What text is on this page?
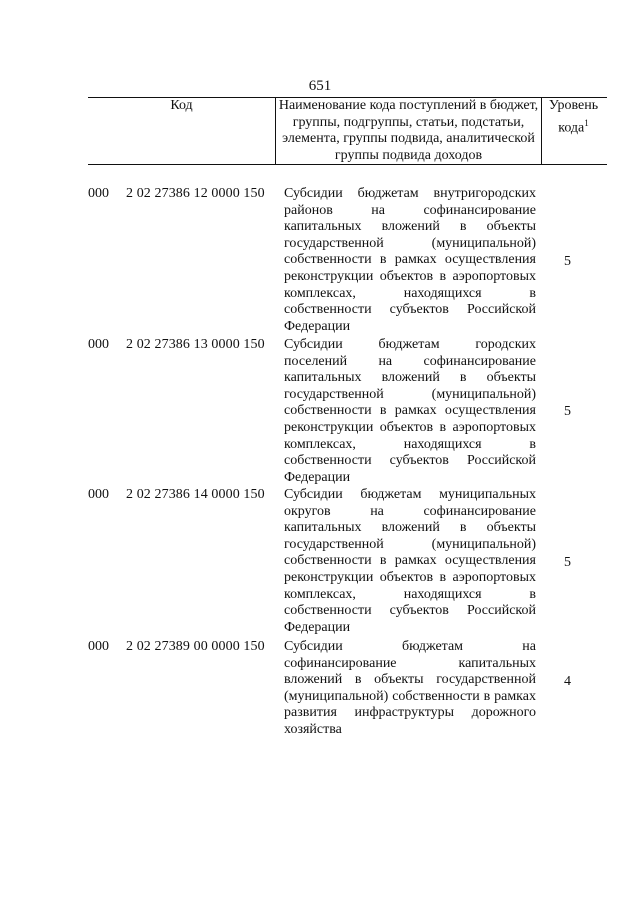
651
Код	Наименование кода поступлений в бюджет, группы, подгруппы, статьи, подстатьи, элемента, группы подвида, аналитической группы подвида доходов
Уровень кода$^1$
000 2 02 27386 12 0000 150 Субсидии бюджетам внутригородских районов на софинансирование капитальных вложений в объекты государственной (муниципальной) собственности в рамках осуществления реконструкции объектов в аэропортовых комплексах, находящихся в собственности субъектов Российской Федерации
5
000 2 02 27386 13 0000 150 Субсидии бюджетам городских поселений на софинансирование капитальных вложений в объекты государственной (муниципальной) собственности в рамках осуществления реконструкции объектов в аэропортовых комплексах, находящихся в собственности субъектов Российской Федерации
5
000 2 02 27386 14 0000 150 Субсидии бюджетам муниципальных округов на софинансирование капитальных вложений в объекты государственной (муниципальной) собственности в рамках осуществления реконструкции объектов в аэропортовых комплексах, находящихся в собственности субъектов Российской Федерации
5
000 2 02 27389 00 0000 150 Субсидии бюджетам на софинансирование капитальных вложений в объекты государственной (муниципальной) собственности в рамках развития инфраструктуры дорожного хозяйства
4
